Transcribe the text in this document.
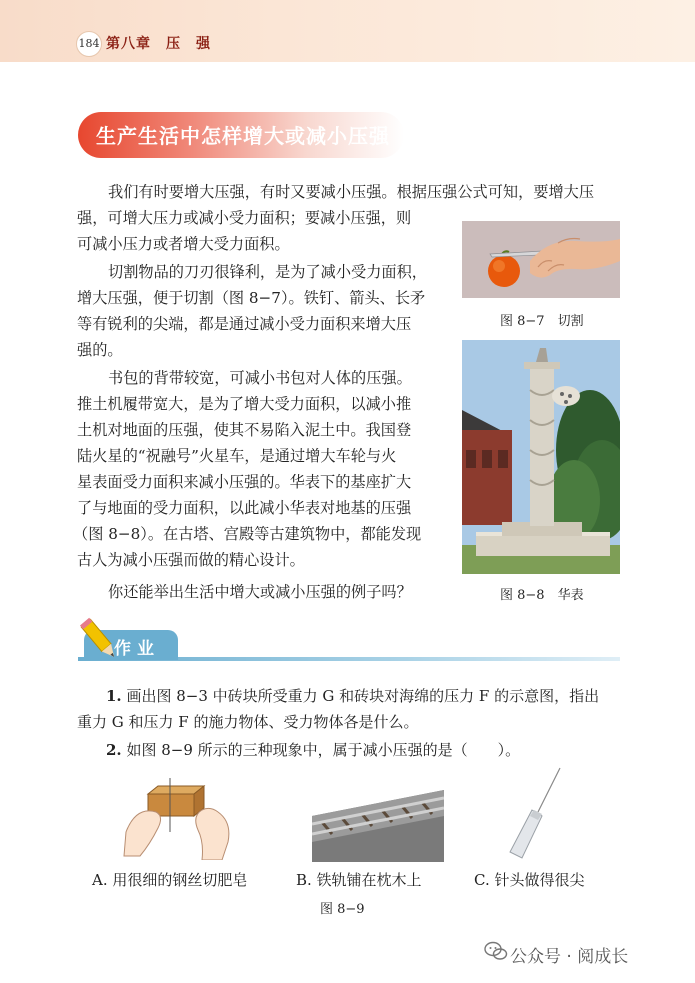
184 第八章　压　强
生产生活中怎样增大或减小压强
我们有时要增大压强，有时又要减小压强。根据压强公式可知，要增大压
强，可增大压力或减小受力面积；要减小压强，则
可减小压力或者增大受力面积。
切割物品的刀刃很锋利，是为了减小受力面积，
增大压强，便于切割（图 8−7）。铁钉、箭头、长矛
等有锐利的尖端，都是通过减小受力面积来增大压
强的。
书包的背带较宽，可减小书包对人体的压强。
推土机履带宽大，是为了增大受力面积，以减小推
土机对地面的压强，使其不易陷入泥土中。我国登
陆火星的“祝融号”火星车，是通过增大车轮与火
星表面受力面积来减小压强的。华表下的基座扩大
了与地面的受力面积，以此减小华表对地基的压强
（图 8−8）。在古塔、宫殿等古建筑物中，都能发现
古人为减小压强而做的精心设计。
你还能举出生活中增大或减小压强的例子吗？
图 8−7　切割
图 8−8　华表
作业
1. 画出图 8−3 中砖块所受重力 G 和砖块对海绵的压力 F 的示意图，指出
重力 G 和压力 F 的施力物体、受力物体各是什么。
2. 如图 8−9 所示的三种现象中，属于减小压强的是（　　）。
A. 用很细的钢丝切肥皂	B. 铁轨铺在枕木上	C. 针头做得很尖
图 8−9
公众号 · 阅成长
